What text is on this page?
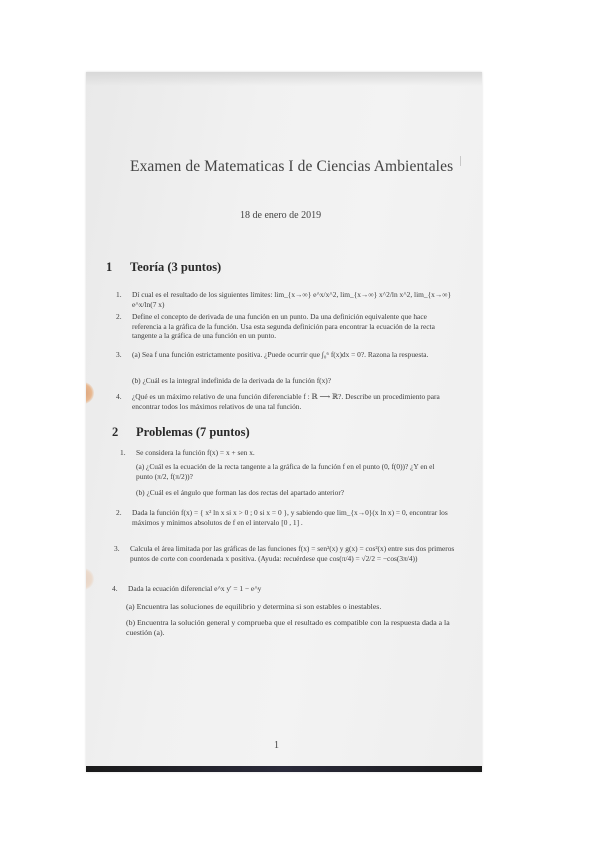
Examen de Matematicas I de Ciencias Ambientales
18 de enero de 2019
1 Teoría (3 puntos)
1. Dí cual es el resultado de los siguientes límites: lim_{x→∞} e^x/x^2, lim_{x→∞} x^2/ln x^2, lim_{x→∞} e^x/ln(7 x)
2. Define el concepto de derivada de una función en un punto. Da una definición equivalente que hace referencia a la gráfica de la función. Usa esta segunda definición para encontrar la ecuación de la recta tangente a la gráfica de una función en un punto.
3. (a) Sea f una función estrictamente positiva. ¿Puede ocurrir que ∫₀⁶ f(x)dx = 0?. Razona la respuesta.
(b) ¿Cuál es la integral indefinida de la derivada de la función f(x)?
4. ¿Qué es un máximo relativo de una función diferenciable f : ℝ ⟶ ℝ?. Describe un procedimiento para encontrar todos los máximos relativos de una tal función.
2 Problemas (7 puntos)
1. Se considera la función f(x) = x + sen x.
(a) ¿Cuál es la ecuación de la recta tangente a la gráfica de la función f en el punto (0, f(0))? ¿Y en el punto (π/2, f(π/2))?
(b) ¿Cuál es el ángulo que forman las dos rectas del apartado anterior?
2. Dada la función f(x) = { x² ln x si x > 0 ; 0 si x = 0 }, y sabiendo que lim_{x→0}(x ln x) = 0, encontrar los máximos y mínimos absolutos de f en el intervalo [0 , 1] .
3. Calcula el área limitada por las gráficas de las funciones f(x) = sen²(x) y g(x) = cos²(x) entre sus dos primeros puntos de corte con coordenada x positiva. (Ayuda: recuérdese que cos(π/4) = √2/2 = −cos(3π/4))
4. Dada la ecuación diferencial e^x y' = 1 − e^y
(a) Encuentra las soluciones de equilibrio y determina si son estables o inestables.
(b) Encuentra la solución general y comprueba que el resultado es compatible con la respuesta dada a la cuestión (a).
1
